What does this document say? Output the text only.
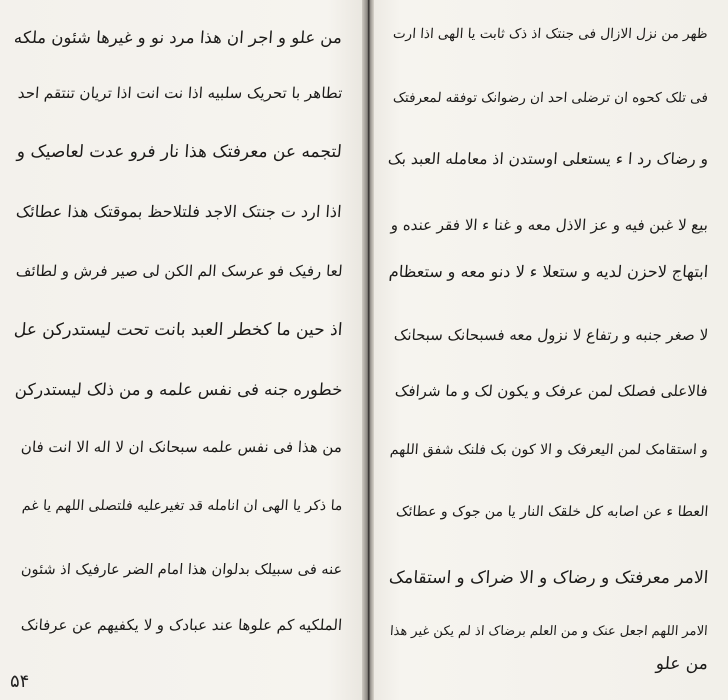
من علو و اجر ان هذا مرد نو و غیرها شئون ملکه
تطاهر با تحریک سلبیه اذا نت انت اذا تریان تنتقم احد
لتجمه عن معرفتک هذا نار فرو عدت لعاصیک و
اذا ارد ت جنتک الاجد فلتلاحظ بموقتک هذا عطائک
لعا رفیک فو عرسک الم الکن لی صیر فرش و لطائف
اذ حین ما کخطر العبد بانت تحت لیستدرکن عل
خطوره جنه فی نفس علمه و من ذلک لیستدرکن
من هذا فی نفس علمه سبحانک ان لا اله الا انت فان
ما ذکر یا الهی ان انامله قد تغیرعلیه فلتصلی اللهم یا غم
عنه فی سبیلک بدلوان هذا امام الضر عارفیک اذ شئون
الملکیه کم علوها عند عبادک و لا یکفیهم عن عرفانک
۵۴
ظهر من نزل الازال فی جنتک اذ ذک ثابت یا الهی اذا ارت
فی تلک کحوه ان ترضلی احد ان رضوانک توفقه لمعرفتک
و رضاک رد ا ء یستعلی اوستدن اذ معامله العبد بک
بیع لا غبن فیه و عز الاذل معه و غنا ء الا فقر عنده و
ابتهاج لاحزن لدیه و ستعلا ء لا دنو معه و ستعظام
لا صغر جنبه و رتفاع لا نزول معه فسبحانک سبحانک
فالاعلی فصلک لمن عرفک و یکون لک و ما شرافک
و استقامک لمن الیعرفک و الا کون بک فلنک شفق اللهم
العطا ء عن اصابه کل خلقک النار یا من جوک و عطائک
الامر معرفتک و رضاک و الا ضراک و استقامک
الامر اللهم اجعل عنک و من العلم برضاک اذ لم یکن غیر هذا
من علو
